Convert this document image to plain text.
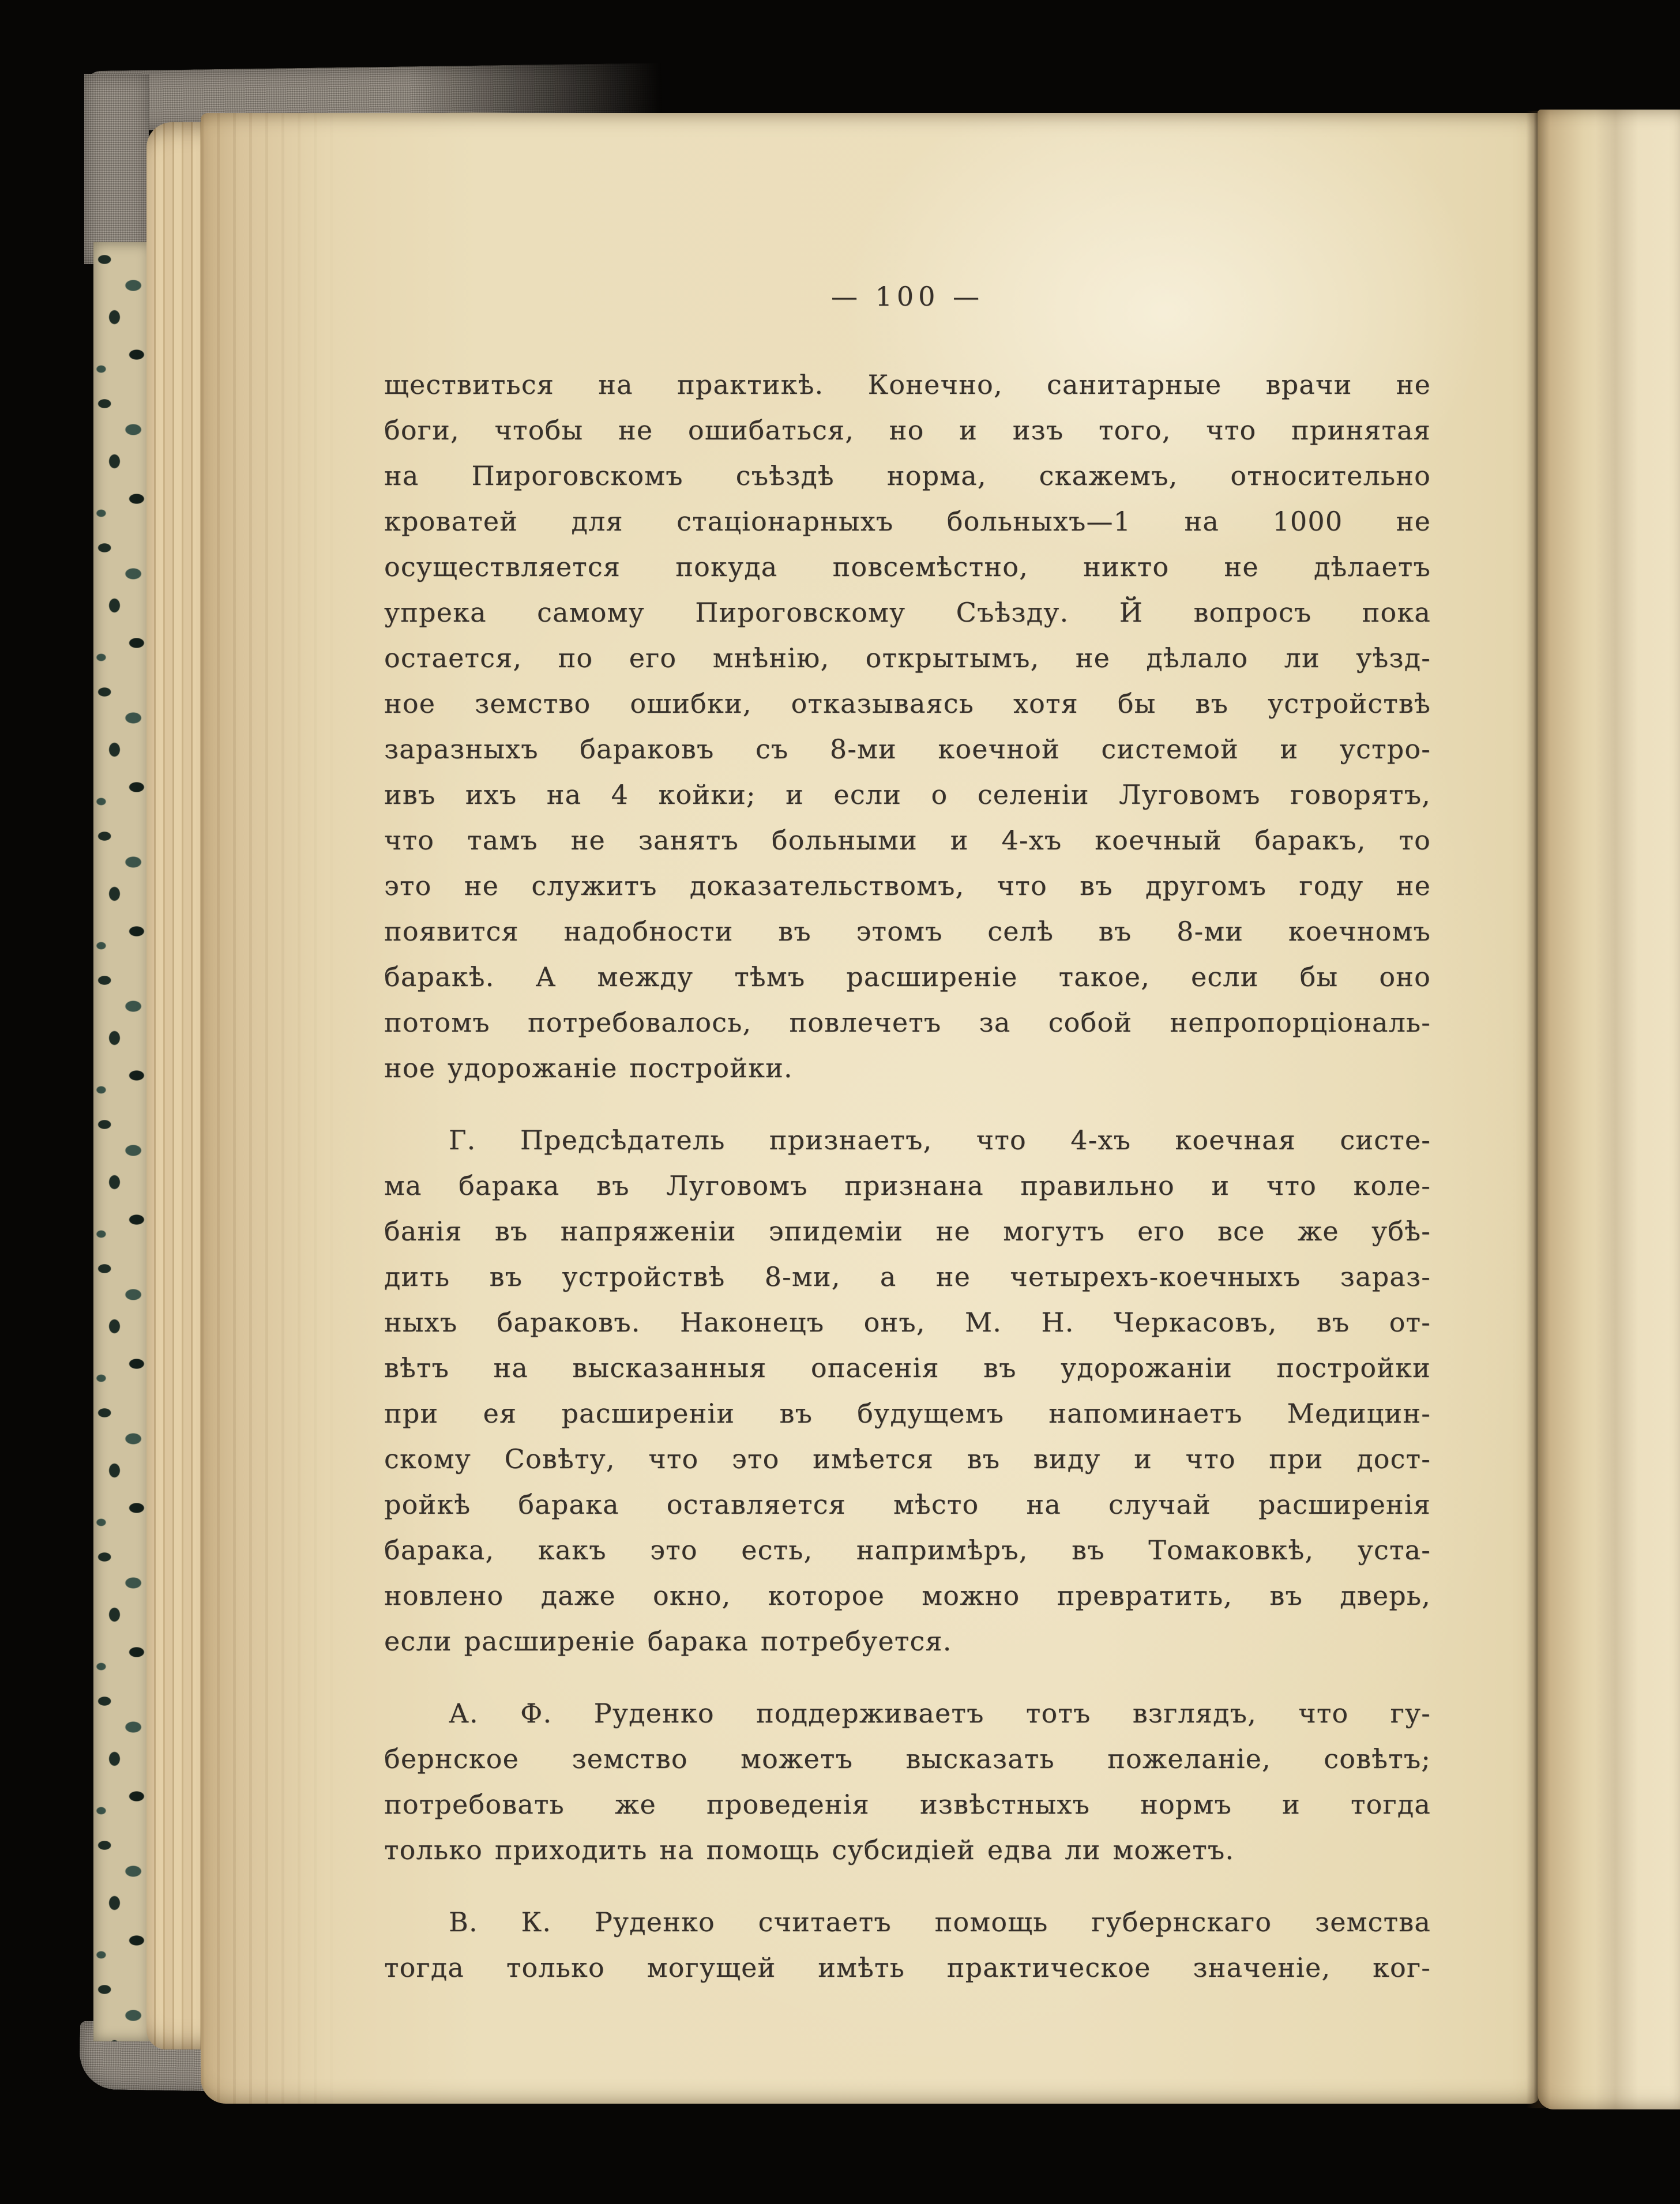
— 100 —
ществиться на практикѣ. Конечно, санитарные врачи не
боги, чтобы не ошибаться, но и изъ того, что принятая
на Пироговскомъ съѣздѣ норма, скажемъ, относительно
кроватей для стаціонарныхъ больныхъ—1 на 1000 не
осуществляется покуда повсемѣстно, никто не дѣлаетъ
упрека самому Пироговскому Съѣзду. Й вопросъ пока
остается, по его мнѣнію, открытымъ, не дѣлало ли уѣзд-
ное земство ошибки, отказываясь хотя бы въ устройствѣ
заразныхъ бараковъ съ 8-ми коечной системой и устро-
ивъ ихъ на 4 койки; и если о селеніи Луговомъ говорятъ,
что тамъ не занятъ больными и 4-хъ коечный баракъ, то
это не служитъ доказательствомъ, что въ другомъ году не
появится надобности въ этомъ селѣ въ 8-ми коечномъ
баракѣ. А между тѣмъ расширеніе такое, если бы оно
потомъ потребовалось, повлечетъ за собой непропорціональ-
ное удорожаніе постройки.
Г. Предсѣдатель признаетъ, что 4-хъ коечная систе-
ма барака въ Луговомъ признана правильно и что коле-
банія въ напряженіи эпидеміи не могутъ его все же убѣ-
дить въ устройствѣ 8-ми, а не четырехъ-коечныхъ зараз-
ныхъ бараковъ. Наконецъ онъ, М. Н. Черкасовъ, въ от-
вѣтъ на высказанныя опасенія въ удорожаніи постройки
при ея расширеніи въ будущемъ напоминаетъ Медицин-
скому Совѣту, что это имѣется въ виду и что при дост-
ройкѣ барака оставляется мѣсто на случай расширенія
барака, какъ это есть, напримѣръ, въ Томаковкѣ, уста-
новлено даже окно, которое можно превратить, въ дверь,
если расширеніе барака потребуется.
А. Ф. Руденко поддерживаетъ тотъ взглядъ, что гу-
бернское земство можетъ высказать пожеланіе, совѣтъ;
потребовать же проведенія извѣстныхъ нормъ и тогда
только приходить на помощь субсидіей едва ли можетъ.
В. К. Руденко считаетъ помощь губернскаго земства
тогда только могущей имѣть практическое значеніе, ког-
